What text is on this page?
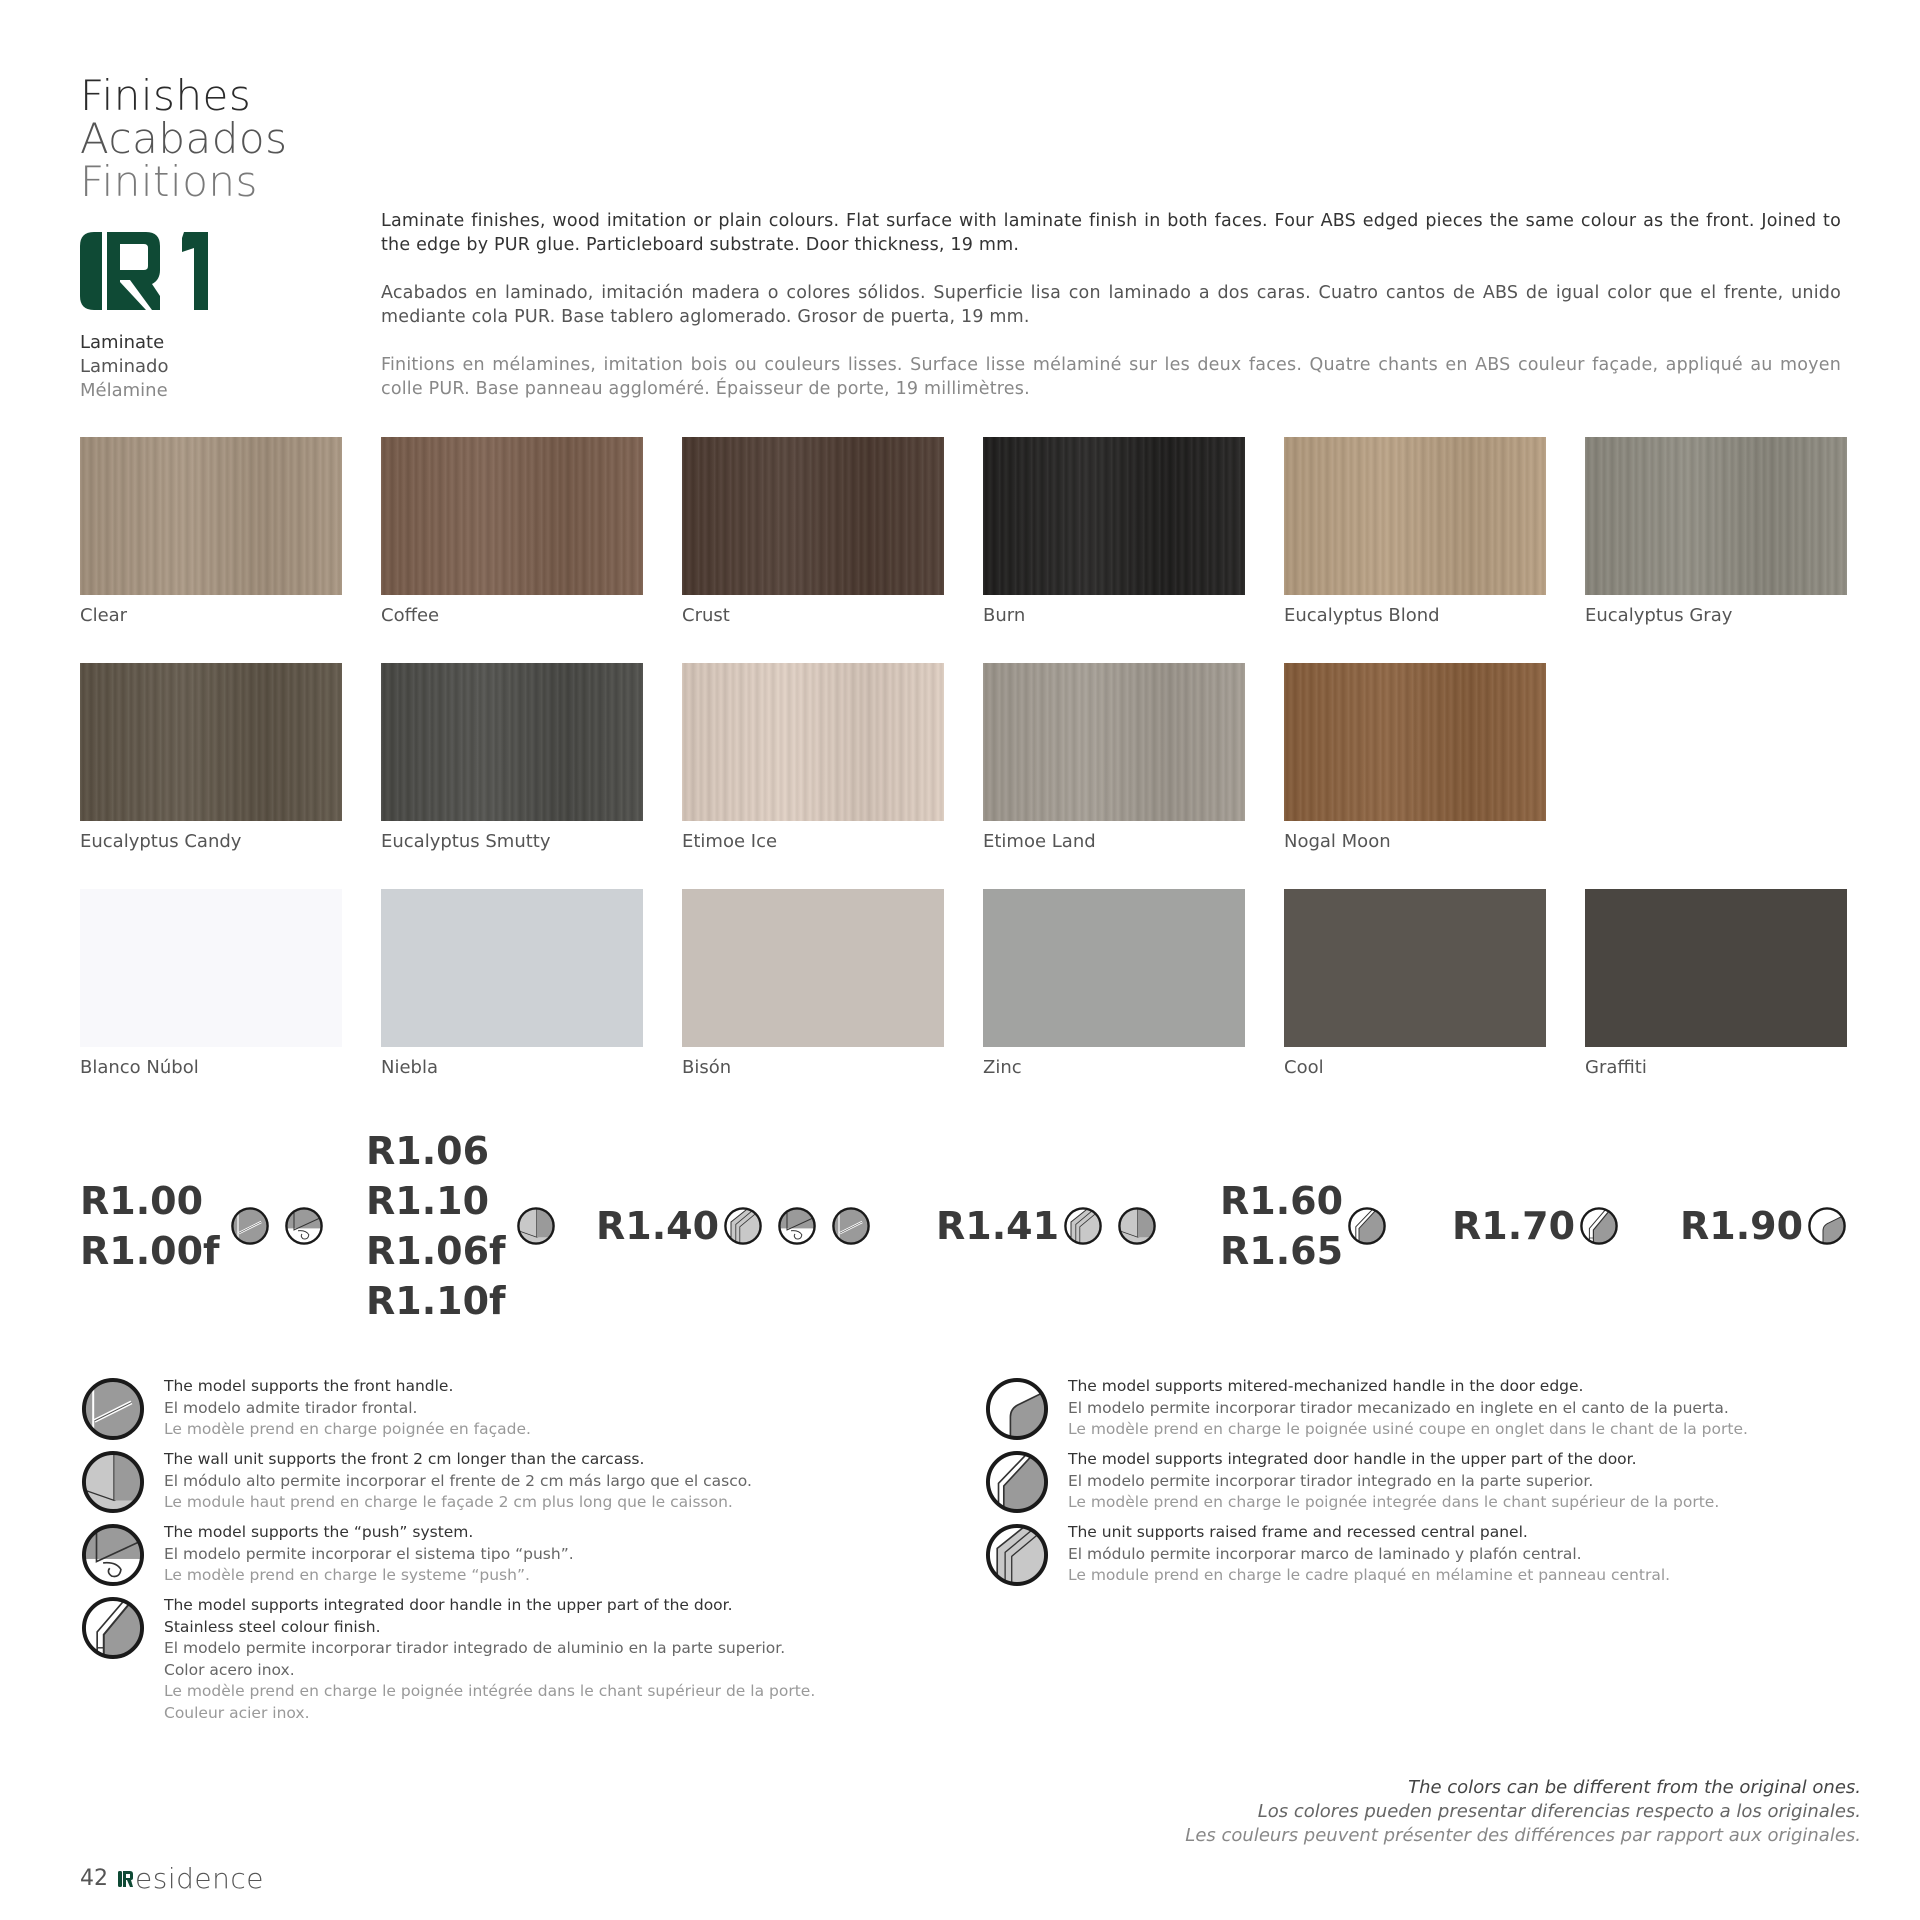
Finishes
Acabados
Finitions
Laminate
Laminado
Mélamine

Laminate finishes, wood imitation or plain colours. Flat surface with laminate finish in both faces. Four ABS edged pieces the same colour as the front. Joined to the edge by PUR glue. Particleboard substrate. Door thickness, 19 mm.

Acabados en laminado, imitación madera o colores sólidos. Superficie lisa con laminado a dos caras. Cuatro cantos de ABS de igual color que el frente, unido mediante cola PUR. Base tablero aglomerado. Grosor de puerta, 19 mm.

Finitions en mélamines, imitation bois ou couleurs lisses. Surface lisse mélaminé sur les deux faces. Quatre chants en ABS couleur façade, appliqué au moyen colle PUR. Base panneau aggloméré. Épaisseur de porte, 19 millimètres.

Clear	Coffee	Crust	Burn	Eucalyptus Blond	Eucalyptus Gray
Eucalyptus Candy	Eucalyptus Smutty	Etimoe Ice	Etimoe Land	Nogal Moon
Blanco Núbol	Niebla	Bisón	Zinc	Cool	Graffiti
R1.00
R1.00f
R1.06
R1.10
R1.06f
R1.10f
R1.40	R1.41
R1.60
R1.65
R1.70	R1.90
The model supports the front handle.
El modelo admite tirador frontal.
Le modèle prend en charge poignée en façade.
The wall unit supports the front 2 cm longer than the carcass.
El módulo alto permite incorporar el frente de 2 cm más largo que el casco.
Le module haut prend en charge le façade 2 cm plus long que le caisson.
The model supports the “push” system.
El modelo permite incorporar el sistema tipo “push”.
Le modèle prend en charge le systeme “push”.
The model supports integrated door handle in the upper part of the door.
Stainless steel colour finish.
El modelo permite incorporar tirador integrado de aluminio en la parte superior.
Color acero inox.
Le modèle prend en charge le poignée intégrée dans le chant supérieur de la porte.
Couleur acier inox.
The model supports mitered-mechanized handle in the door edge.
El modelo permite incorporar tirador mecanizado en inglete en el canto de la puerta.
Le modèle prend en charge le poignée usiné coupe en onglet dans le chant de la porte.
The model supports integrated door handle in the upper part of the door.
El modelo permite incorporar tirador integrado en la parte superior.
Le modèle prend en charge le poignée integrée dans le chant supérieur de la porte.
The unit supports raised frame and recessed central panel.
El módulo permite incorporar marco de laminado y plafón central.
Le module prend en charge le cadre plaqué en mélamine et panneau central.
The colors can be different from the original ones.
Los colores pueden presentar diferencias respecto a los originales.
Les couleurs peuvent présenter des différences par rapport aux originales.
42 esidence
